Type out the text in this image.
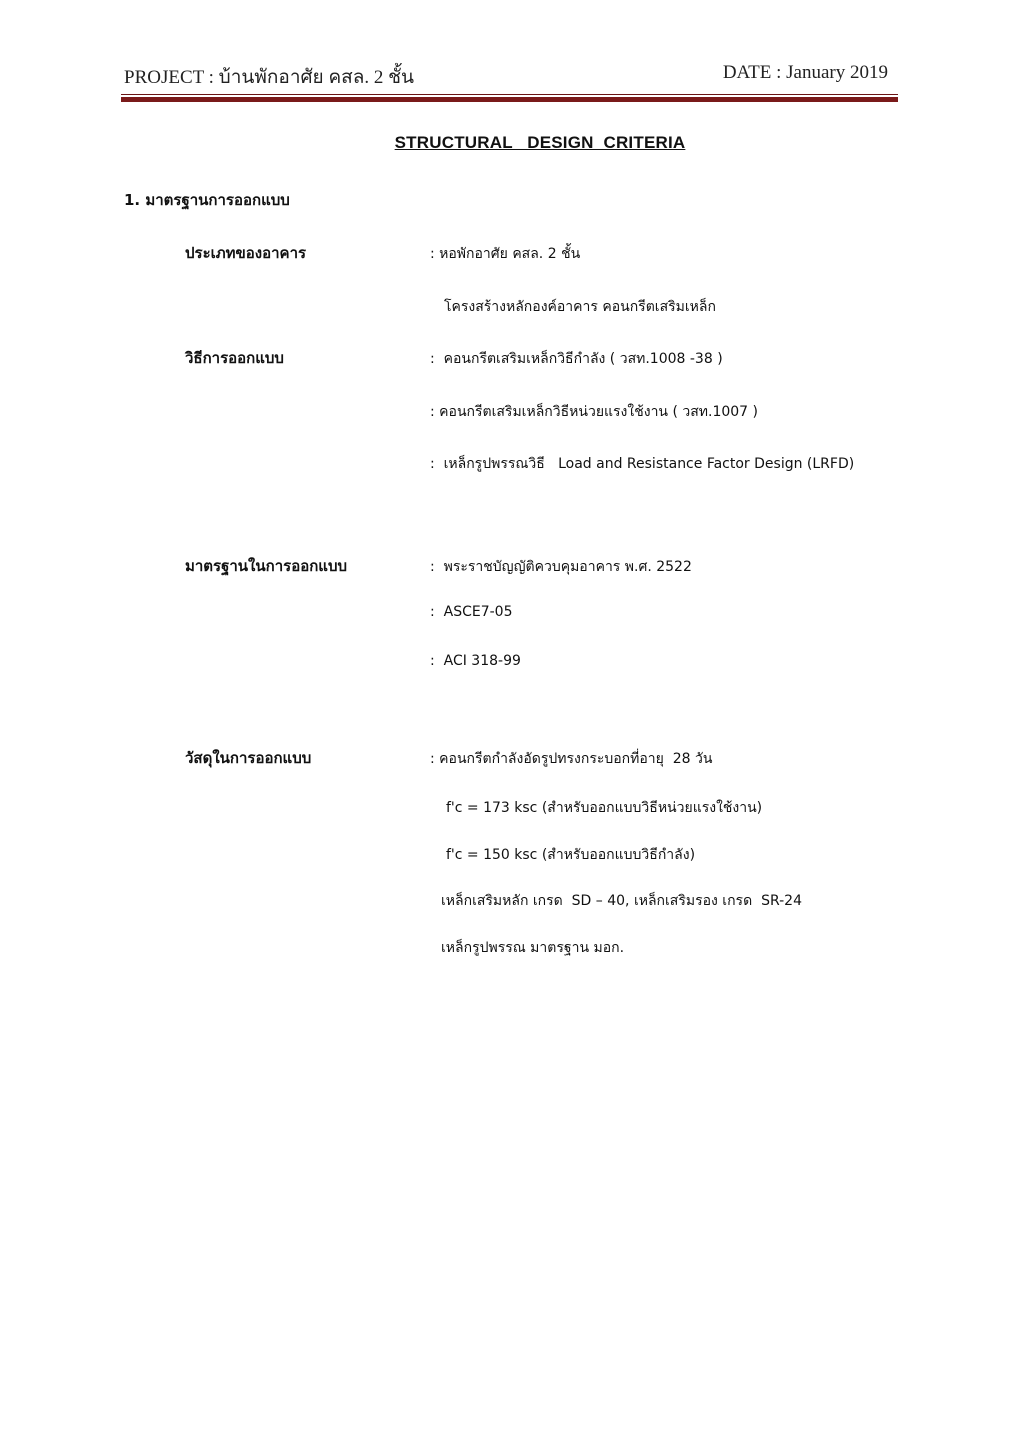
PROJECT : บ้านพักอาศัย คสล. 2 ชั้น	DATE : January 2019
STRUCTURAL   DESIGN  CRITERIA
1. มาตรฐานการออกแบบ
ประเภทของอาคาร	: หอพักอาศัย คสล. 2 ชั้น
โครงสร้างหลักองค์อาคาร คอนกรีตเสริมเหล็ก
วิธีการออกแบบ	:  คอนกรีตเสริมเหล็กวิธีกำลัง ( วสท.1008 -38 )
: คอนกรีตเสริมเหล็กวิธีหน่วยแรงใช้งาน ( วสท.1007 )
:  เหล็กรูปพรรณวิธี   Load and Resistance Factor Design (LRFD)
มาตรฐานในการออกแบบ	:  พระราชบัญญัติควบคุมอาคาร พ.ศ. 2522
:  ASCE7-05
:  ACI 318-99
วัสดุในการออกแบบ	: คอนกรีตกำลังอัดรูปทรงกระบอกที่อายุ  28 วัน
f'c = 173 ksc (สำหรับออกแบบวิธีหน่วยแรงใช้งาน)
f'c = 150 ksc (สำหรับออกแบบวิธีกำลัง)
เหล็กเสริมหลัก เกรด  SD – 40, เหล็กเสริมรอง เกรด  SR-24
เหล็กรูปพรรณ มาตรฐาน มอก.
